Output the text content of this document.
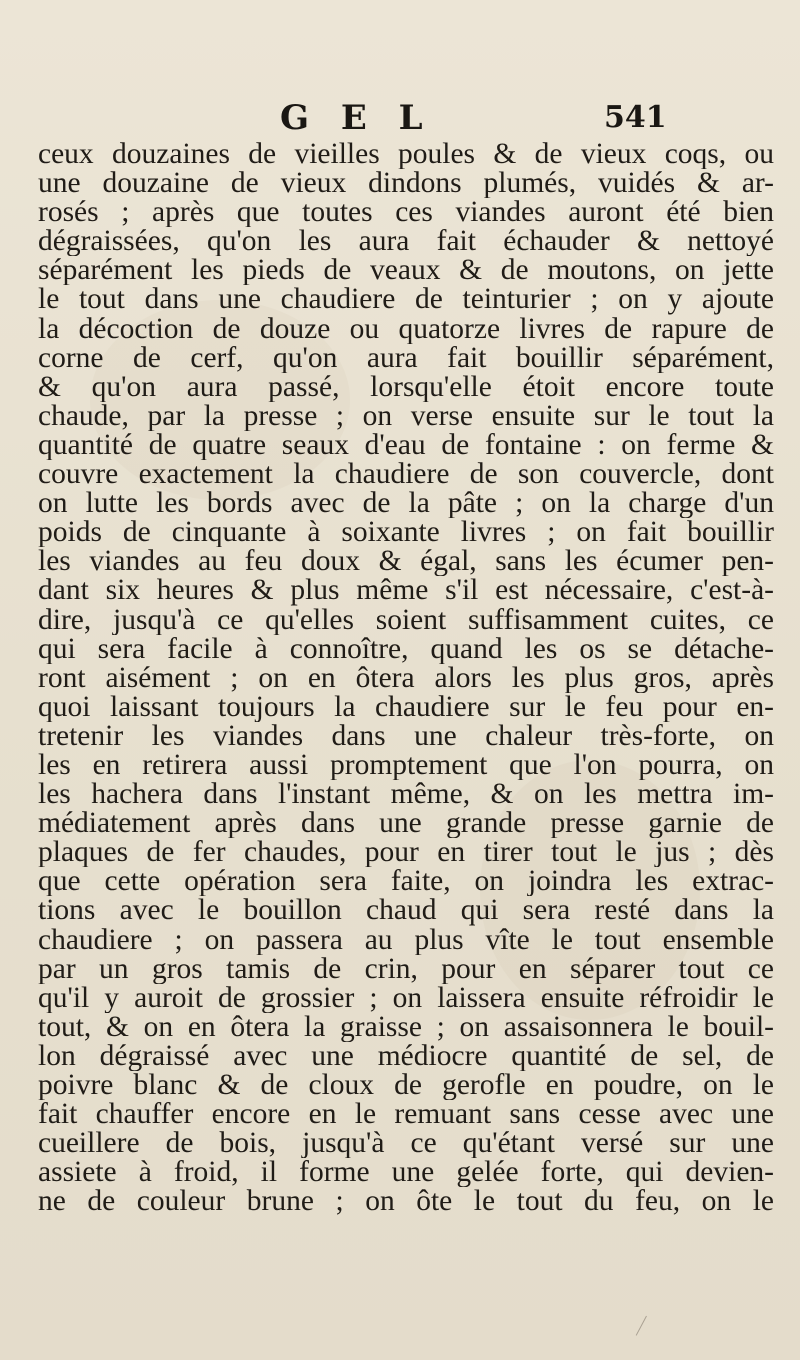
G E L	541
ceux douzaines de vieilles poules & de vieux coqs, ou
une douzaine de vieux dindons plumés, vuidés & ar-
rosés ; après que toutes ces viandes auront été bien
dégraissées, qu'on les aura fait échauder & nettoyé
séparément les pieds de veaux & de moutons, on jette
le tout dans une chaudiere de teinturier ; on y ajoute
la décoction de douze ou quatorze livres de rapure de
corne de cerf, qu'on aura fait bouillir séparément,
& qu'on aura passé, lorsqu'elle étoit encore toute
chaude, par la presse ; on verse ensuite sur le tout la
quantité de quatre seaux d'eau de fontaine : on ferme &
couvre exactement la chaudiere de son couvercle, dont
on lutte les bords avec de la pâte ; on la charge d'un
poids de cinquante à soixante livres ; on fait bouillir
les viandes au feu doux & égal, sans les écumer pen-
dant six heures & plus même s'il est nécessaire, c'est-à-
dire, jusqu'à ce qu'elles soient suffisamment cuites, ce
qui sera facile à connoître, quand les os se détache-
ront aisément ; on en ôtera alors les plus gros, après
quoi laissant toujours la chaudiere sur le feu pour en-
tretenir les viandes dans une chaleur très-forte, on
les en retirera aussi promptement que l'on pourra, on
les hachera dans l'instant même, & on les mettra im-
médiatement après dans une grande presse garnie de
plaques de fer chaudes, pour en tirer tout le jus ; dès
que cette opération sera faite, on joindra les extrac-
tions avec le bouillon chaud qui sera resté dans la
chaudiere ; on passera au plus vîte le tout ensemble
par un gros tamis de crin, pour en séparer tout ce
qu'il y auroit de grossier ; on laissera ensuite réfroidir le
tout, & on en ôtera la graisse ; on assaisonnera le bouil-
lon dégraissé avec une médiocre quantité de sel, de
poivre blanc & de cloux de gerofle en poudre, on le
fait chauffer encore en le remuant sans cesse avec une
cueillere de bois, jusqu'à ce qu'étant versé sur une
assiete à froid, il forme une gelée forte, qui devien-
ne de couleur brune ; on ôte le tout du feu, on le
